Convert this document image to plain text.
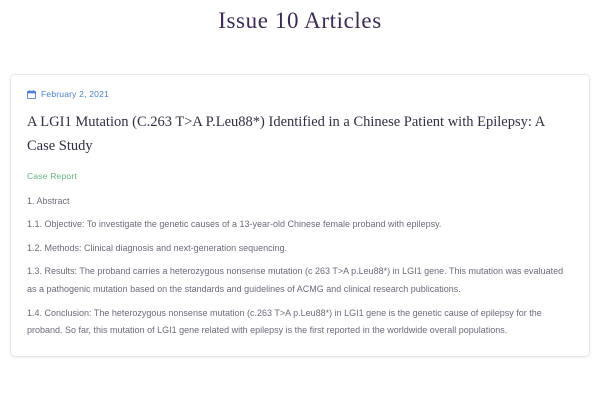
Issue 10 Articles
February 2, 2021
A LGI1 Mutation (C.263 T>A P.Leu88*) Identified in a Chinese Patient with Epilepsy: A Case Study
Case Report

1. Abstract

1.1. Objective: To investigate the genetic causes of a 13-year-old Chinese female proband with epilepsy.

1.2. Methods: Clinical diagnosis and next-generation sequencing.

1.3. Results: The proband carries a heterozygous nonsense mutation (c 263 T>A p.Leu88*) in LGI1 gene. This mutation was evaluated as a pathogenic mutation based on the standards and guidelines of ACMG and clinical research publications.

1.4. Conclusion: The heterozygous nonsense mutation (c.263 T>A p.Leu88*) in LGI1 gene is the genetic cause of epilepsy for the proband. So far, this mutation of LGI1 gene related with epilepsy is the first reported in the worldwide overall populations.
